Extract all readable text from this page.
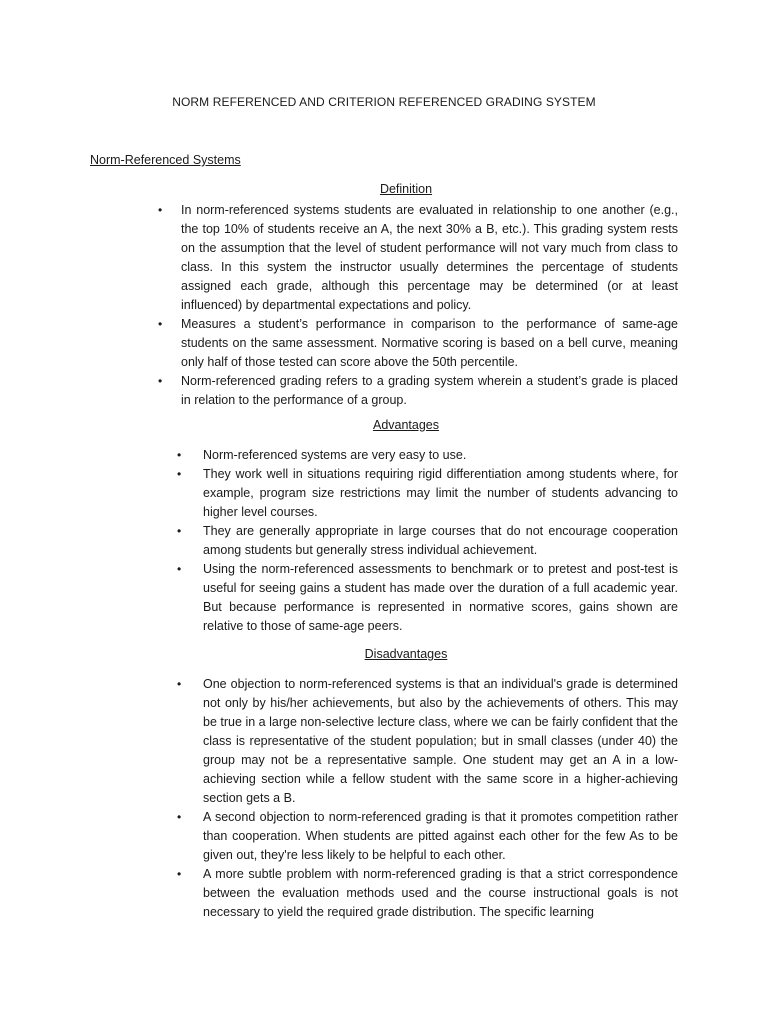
NORM REFERENCED AND CRITERION REFERENCED GRADING SYSTEM
Norm-Referenced Systems
Definition
• In norm-referenced systems students are evaluated in relationship to one another (e.g., the top 10% of students receive an A, the next 30% a B, etc.). This grading system rests on the assumption that the level of student performance will not vary much from class to class. In this system the instructor usually determines the percentage of students assigned each grade, although this percentage may be determined (or at least influenced) by departmental expectations and policy.
• Measures a student’s performance in comparison to the performance of same-age students on the same assessment. Normative scoring is based on a bell curve, meaning only half of those tested can score above the 50th percentile.
• Norm-referenced grading refers to a grading system wherein a student’s grade is placed in relation to the performance of a group.
Advantages
• Norm-referenced systems are very easy to use.
• They work well in situations requiring rigid differentiation among students where, for example, program size restrictions may limit the number of students advancing to higher level courses.
• They are generally appropriate in large courses that do not encourage cooperation among students but generally stress individual achievement.
• Using the norm-referenced assessments to benchmark or to pretest and post-test is useful for seeing gains a student has made over the duration of a full academic year. But because performance is represented in normative scores, gains shown are relative to those of same-age peers.
Disadvantages
• One objection to norm-referenced systems is that an individual's grade is determined not only by his/her achievements, but also by the achievements of others. This may be true in a large non-selective lecture class, where we can be fairly confident that the class is representative of the student population; but in small classes (under 40) the group may not be a representative sample. One student may get an A in a low-achieving section while a fellow student with the same score in a higher-achieving section gets a B.
• A second objection to norm-referenced grading is that it promotes competition rather than cooperation. When students are pitted against each other for the few As to be given out, they're less likely to be helpful to each other.
• A more subtle problem with norm-referenced grading is that a strict correspondence between the evaluation methods used and the course instructional goals is not necessary to yield the required grade distribution. The specific learning
